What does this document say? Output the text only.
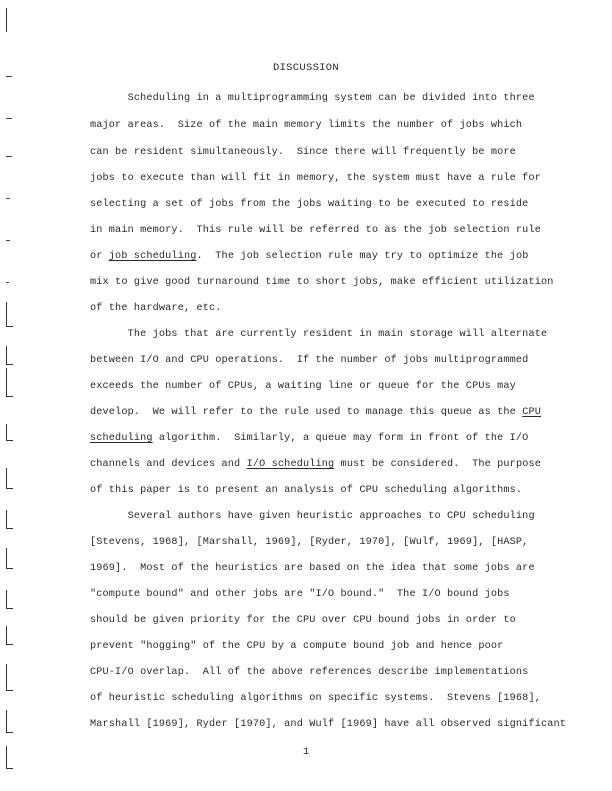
DISCUSSION
Scheduling in a multiprogramming system can be divided into three
major areas.  Size of the main memory limits the number of jobs which
can be resident simultaneously.  Since there will frequently be more
jobs to execute than will fit in memory, the system must have a rule for
selecting a set of jobs from the jobs waiting to be executed to reside
in main memory.  This rule will be referred to as the job selection rule
or job scheduling.  The job selection rule may try to optimize the job
mix to give good turnaround time to short jobs, make efficient utilization
of the hardware, etc.
The jobs that are currently resident in main storage will alternate
between I/O and CPU operations.  If the number of jobs multiprogrammed
exceeds the number of CPUs, a waiting line or queue for the CPUs may
develop.  We will refer to the rule used to manage this queue as the CPU
scheduling algorithm.  Similarly, a queue may form in front of the I/O
channels and devices and I/O scheduling must be considered.  The purpose
of this paper is to present an analysis of CPU scheduling algorithms.
Several authors have given heuristic approaches to CPU scheduling
[Stevens, 1968], [Marshall, 1969], [Ryder, 1970], [Wulf, 1969], [HASP,
1969].  Most of the heuristics are based on the idea that some jobs are
"compute bound" and other jobs are "I/O bound."  The I/O bound jobs
should be given priority for the CPU over CPU bound jobs in order to
prevent "hogging" of the CPU by a compute bound job and hence poor
CPU-I/O overlap.  All of the above references describe implementations
of heuristic scheduling algorithms on specific systems.  Stevens [1968],
Marshall [1969], Ryder [1970], and Wulf [1969] have all observed significant
1
